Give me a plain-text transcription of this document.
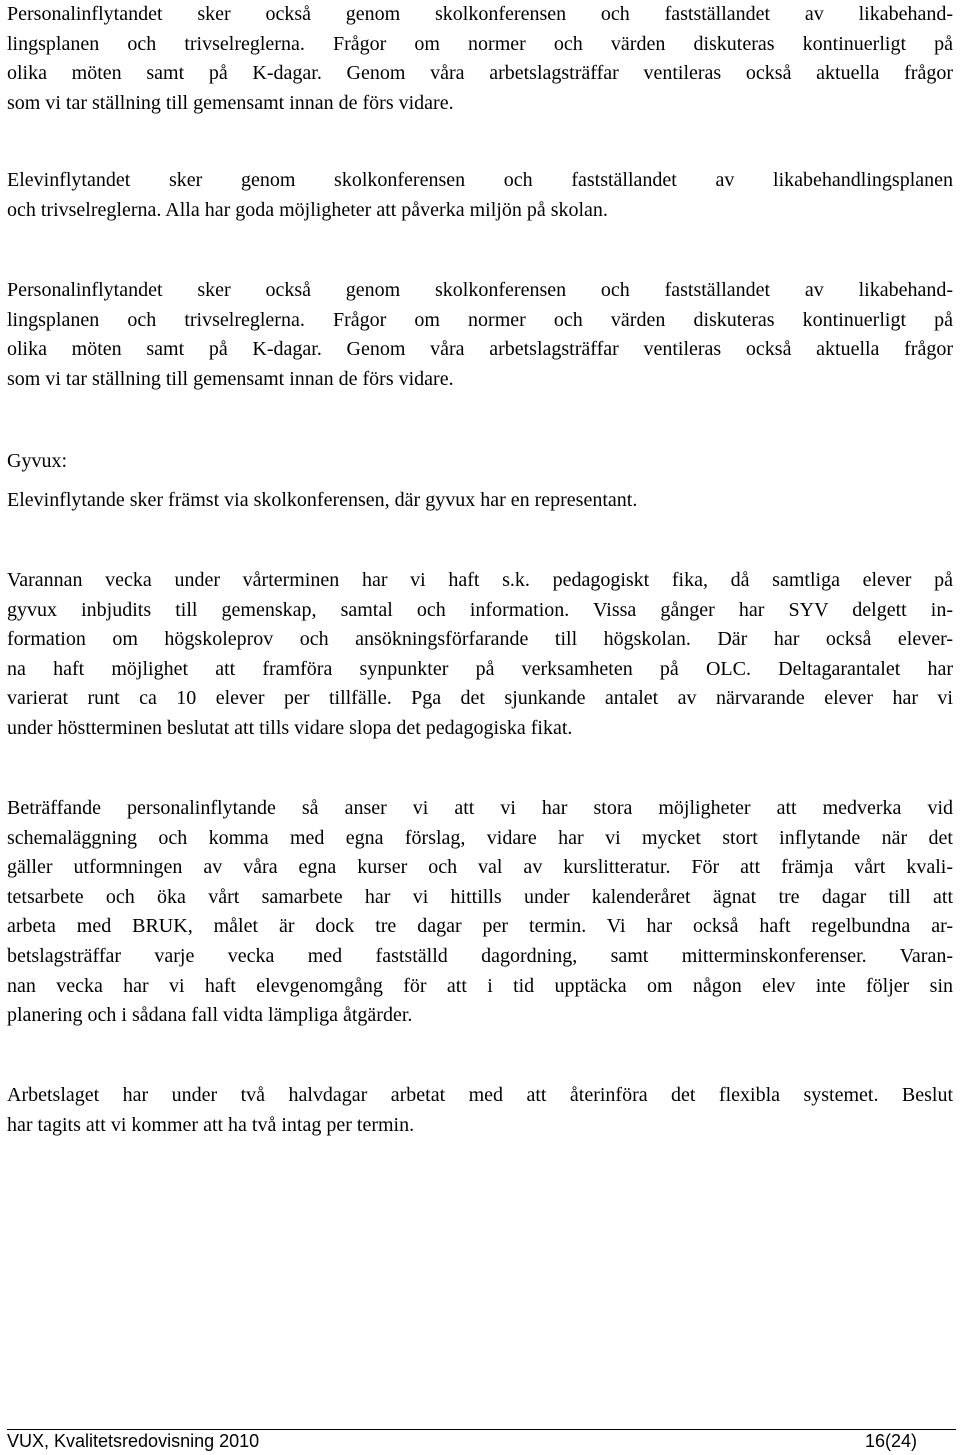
Personalinflytandet sker också genom skolkonferensen och fastställandet av likabehand-
lingsplanen och trivselreglerna. Frågor om normer och värden diskuteras kontinuerligt på
olika möten samt på K-dagar. Genom våra arbetslagsträffar ventileras också aktuella frågor
som vi tar ställning till gemensamt innan de förs vidare.

Elevinflytandet sker genom skolkonferensen och fastställandet av likabehandlingsplanen
och trivselreglerna. Alla har goda möjligheter att påverka miljön på skolan.

Personalinflytandet sker också genom skolkonferensen och fastställandet av likabehand-
lingsplanen och trivselreglerna. Frågor om normer och värden diskuteras kontinuerligt på
olika möten samt på K-dagar. Genom våra arbetslagsträffar ventileras också aktuella frågor
som vi tar ställning till gemensamt innan de förs vidare.

Gyvux:

Elevinflytande sker främst via skolkonferensen, där gyvux har en representant.

Varannan vecka under vårterminen har vi haft s.k. pedagogiskt fika, då samtliga elever på
gyvux inbjudits till gemenskap, samtal och information. Vissa gånger har SYV delgett in-
formation om högskoleprov och ansökningsförfarande till högskolan. Där har också elever-
na haft möjlighet att framföra synpunkter på verksamheten på OLC. Deltagarantalet har
varierat runt ca 10 elever per tillfälle. Pga det sjunkande antalet av närvarande elever har vi
under höstterminen beslutat att tills vidare slopa det pedagogiska fikat.

Beträffande personalinflytande så anser vi att vi har stora möjligheter att medverka vid
schemaläggning och komma med egna förslag, vidare har vi mycket stort inflytande när det
gäller utformningen av våra egna kurser och val av kurslitteratur. För att främja vårt kvali-
tetsarbete och öka vårt samarbete har vi hittills under kalenderåret ägnat tre dagar till att
arbeta med BRUK, målet är dock tre dagar per termin. Vi har också haft regelbundna ar-
betslagsträffar varje vecka med fastställd dagordning, samt mitterminskonferenser. Varan-
nan vecka har vi haft elevgenomgång för att i tid upptäcka om någon elev inte följer sin
planering och i sådana fall vidta lämpliga åtgärder.

Arbetslaget har under två halvdagar arbetat med att återinföra det flexibla systemet. Beslut
har tagits att vi kommer att ha två intag per termin.

VUX, Kvalitetsredovisning 2010	16(24)
